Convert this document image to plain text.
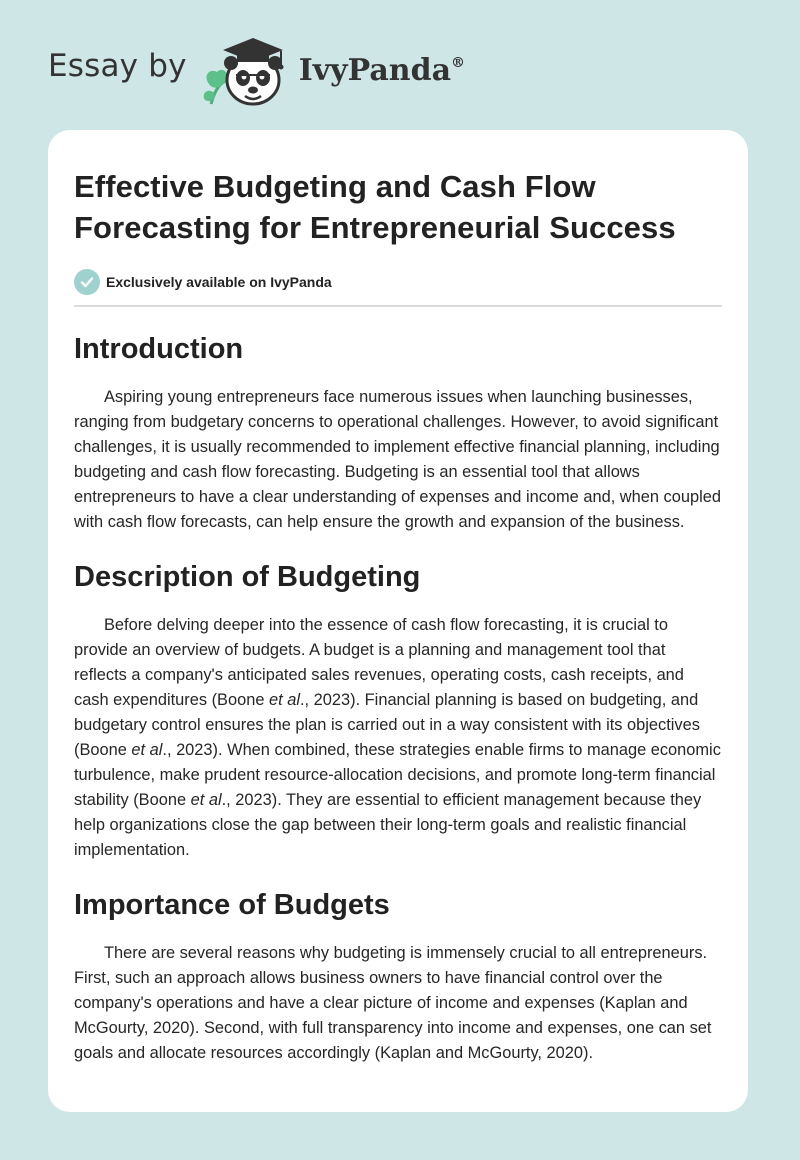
Essay by	IvyPanda®
Effective Budgeting and Cash Flow
Forecasting for Entrepreneurial Success
Exclusively available on IvyPanda
Introduction

Aspiring young entrepreneurs face numerous issues when launching businesses, ranging from budgetary concerns to operational challenges. However, to avoid significant challenges, it is usually recommended to implement effective financial planning, including budgeting and cash flow forecasting. Budgeting is an essential tool that allows entrepreneurs to have a clear understanding of expenses and income and, when coupled with cash flow forecasts, can help ensure the growth and expansion of the business.

Description of Budgeting

Before delving deeper into the essence of cash flow forecasting, it is crucial to provide an overview of budgets. A budget is a planning and management tool that reflects a company's anticipated sales revenues, operating costs, cash receipts, and cash expenditures (Boone et al., 2023). Financial planning is based on budgeting, and budgetary control ensures the plan is carried out in a way consistent with its objectives (Boone et al., 2023). When combined, these strategies enable firms to manage economic turbulence, make prudent resource-allocation decisions, and promote long-term financial stability (Boone et al., 2023). They are essential to efficient management because they help organizations close the gap between their long-term goals and realistic financial implementation.

Importance of Budgets

There are several reasons why budgeting is immensely crucial to all entrepreneurs. First, such an approach allows business owners to have financial control over the company's operations and have a clear picture of income and expenses (Kaplan and McGourty, 2020). Second, with full transparency into income and expenses, one can set goals and allocate resources accordingly (Kaplan and McGourty, 2020).
